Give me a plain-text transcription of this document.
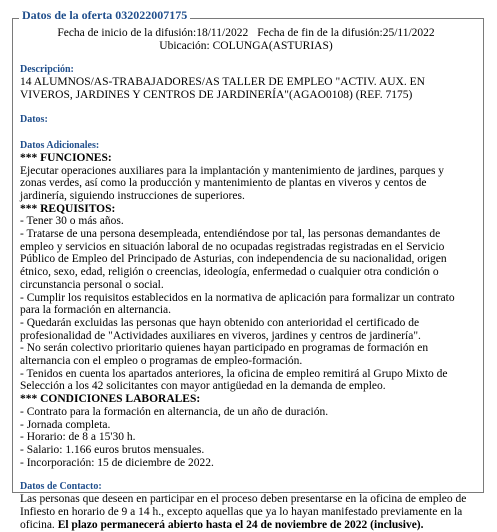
Datos de la oferta 032022007175

Fecha de inicio de la difusión:18/11/2022 Fecha de fin de la difusión:25/11/2022

Ubicación: COLUNGA(ASTURIAS)

Descripción:

14 ALUMNOS/AS-TRABAJADORES/AS TALLER DE EMPLEO "ACTIV. AUX. EN VIVEROS, JARDINES Y CENTROS DE JARDINERÍA"(AGAO0108) (REF. 7175)

Datos:

Datos Adicionales:

*** FUNCIONES:

Ejecutar operaciones auxiliares para la implantación y mantenimiento de jardines, parques y zonas verdes, así como la producción y mantenimiento de plantas en viveros y centos de jardinería, siguiendo instrucciones de superiores.

*** REQUISITOS:

- Tener 30 o más años.

- Tratarse de una persona desempleada, entendiéndose por tal, las personas demandantes de empleo y servicios en situación laboral de no ocupadas registradas registradas en el Servicio Público de Empleo del Principado de Asturias, con independencia de su nacionalidad, origen étnico, sexo, edad, religión o creencias, ideología, enfermedad o cualquier otra condición o circunstancia personal o social.

- Cumplir los requisitos establecidos en la normativa de aplicación para formalizar un contrato para la formación en alternancia.

- Quedarán excluidas las personas que hayn obtenido con anterioridad el certificado de profesionalidad de "Actividades auxiliares en viveros, jardines y centros de jardinería".

- No serán colectivo prioritario quienes hayan participado en programas de formación en alternancia con el empleo o programas de empleo-formación.

- Tenidos en cuenta los apartados anteriores, la oficina de empleo remitirá al Grupo Mixto de Selección a los 42 solicitantes con mayor antigüedad en la demanda de empleo.

*** CONDICIONES LABORALES:

- Contrato para la formación en alternancia, de un año de duración.

- Jornada completa.

- Horario: de 8 a 15'30 h.

- Salario: 1.166 euros brutos mensuales.

- Incorporación: 15 de diciembre de 2022.

Datos de Contacto:

Las personas que deseen en participar en el proceso deben presentarse en la oficina de empleo de Infiesto en horario de 9 a 14 h., excepto aquellas que ya lo hayan manifestado previamente en la oficina. El plazo permanecerá abierto hasta el 24 de noviembre de 2022 (inclusive).
